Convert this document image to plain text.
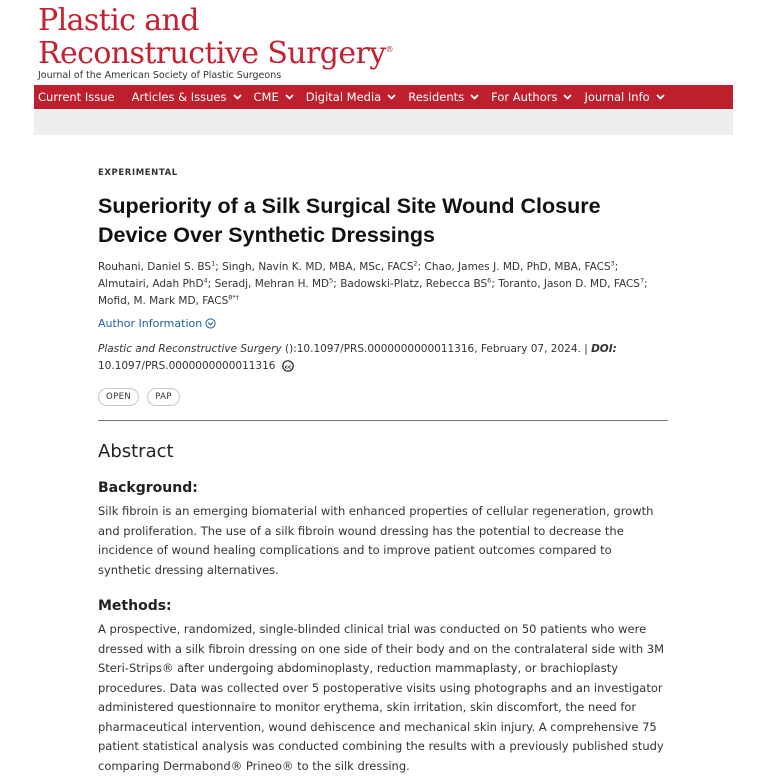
Plastic and
Reconstructive Surgery®
Journal of the American Society of Plastic Surgeons
Current Issue Articles & Issues CME Digital Media Residents For Authors Journal Info
EXPERIMENTAL
Superiority of a Silk Surgical Site Wound Closure Device Over Synthetic Dressings
Rouhani, Daniel S. $BS^1$; Singh, Navin K. MD, MBA, MSc, FACS$^2$; Chao, James J. MD, PhD, MBA, FACS$^3$; Almutairi, Adah PhD$^4$; Seradj, Mehran H. $MD^5$; Badowski-Platz, Rebecca $BS^6$; Toranto, Jason D. MD, FACS$^7$; Mofid, M. Mark MD, $FACS^{8*\dagger}$
Author Information
Plastic and Reconstructive Surgery ():10.1097/PRS.0000000000011316, February 07, 2024. | DOI: 10.1097/PRS.0000000000011316 cc
OPEN	PAP
Abstract
Background:
Silk fibroin is an emerging biomaterial with enhanced properties of cellular regeneration, growth and proliferation. The use of a silk fibroin wound dressing has the potential to decrease the incidence of wound healing complications and to improve patient outcomes compared to synthetic dressing alternatives.
Methods:
A prospective, randomized, single-blinded clinical trial was conducted on 50 patients who were dressed with a silk fibroin dressing on one side of their body and on the contralateral side with 3M Steri-Strips® after undergoing abdominoplasty, reduction mammaplasty, or brachioplasty procedures. Data was collected over 5 postoperative visits using photographs and an investigator administered questionnaire to monitor erythema, skin irritation, skin discomfort, the need for pharmaceutical intervention, wound dehiscence and mechanical skin injury. A comprehensive 75 patient statistical analysis was conducted combining the results with a previously published study comparing Dermabond® Prineo® to the silk dressing.
